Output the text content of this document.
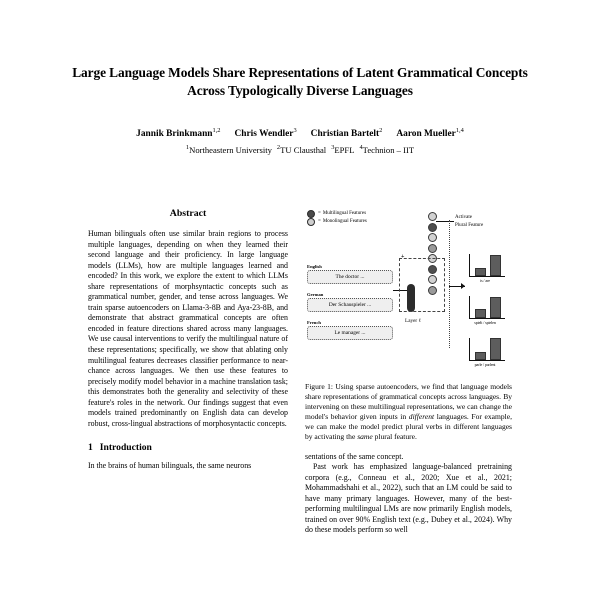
Large Language Models Share Representations of Latent Grammatical Concepts Across Typologically Diverse Languages
Jannik Brinkmann$^{1,2}$ Chris Wendler$^3$ Christian Bartelt$^2$ Aaron Mueller$^{1,4}$
$^1$Northeastern University $^2$TU Clausthal $^3$EPFL $^4$Technion – IIT
Abstract

Human bilinguals often use similar brain regions to process multiple languages, depending on when they learned their second language and their proficiency. In large language models (LLMs), how are multiple languages learned and encoded? In this work, we explore the extent to which LLMs share representations of morphsyntactic concepts such as grammatical number, gender, and tense across languages. We train sparse autoencoders on Llama-3-8B and Aya-23-8B, and demonstrate that abstract grammatical concepts are often encoded in feature directions shared across many languages. We use causal interventions to verify the multilingual nature of these representations; specifically, we show that ablating only multilingual features decreases classifier performance to near-chance across languages. We then use these features to precisely modify model behavior in a machine translation task; this demonstrates both the generality and selectivity of these feature's roles in the network. Our findings suggest that even models trained predominantly on English data can develop robust, cross-lingual abstractions of morphosyntactic concepts.

1 Introduction

In the brains of human bilinguals, the same neurons

= Multilingual Features
= Monolingual Features
English
The doctor ...
German
Der Schauspieler ...
French
Le manager ...
Layer ℓ
Activate
Plural Feature
+
is / are
spielt / spielen
parle / parlent
Figure 1: Using sparse autoencoders, we find that language models share representations of grammatical concepts across languages. By intervening on these multilingual representations, we can change the model's behavior given inputs in different languages. For example, we can make the model predict plural verbs in different languages by activating the same plural feature.

sentations of the same concept.

Past work has emphasized language-balanced pretraining corpora (e.g., Conneau et al., 2020; Xue et al., 2021; Mohammadshahi et al., 2022), such that an LM could be said to have many primary languages. However, many of the best-performing multilingual LMs are now primarily English models, trained on over 90% English text (e.g., Dubey et al., 2024). Why do these models perform so well
